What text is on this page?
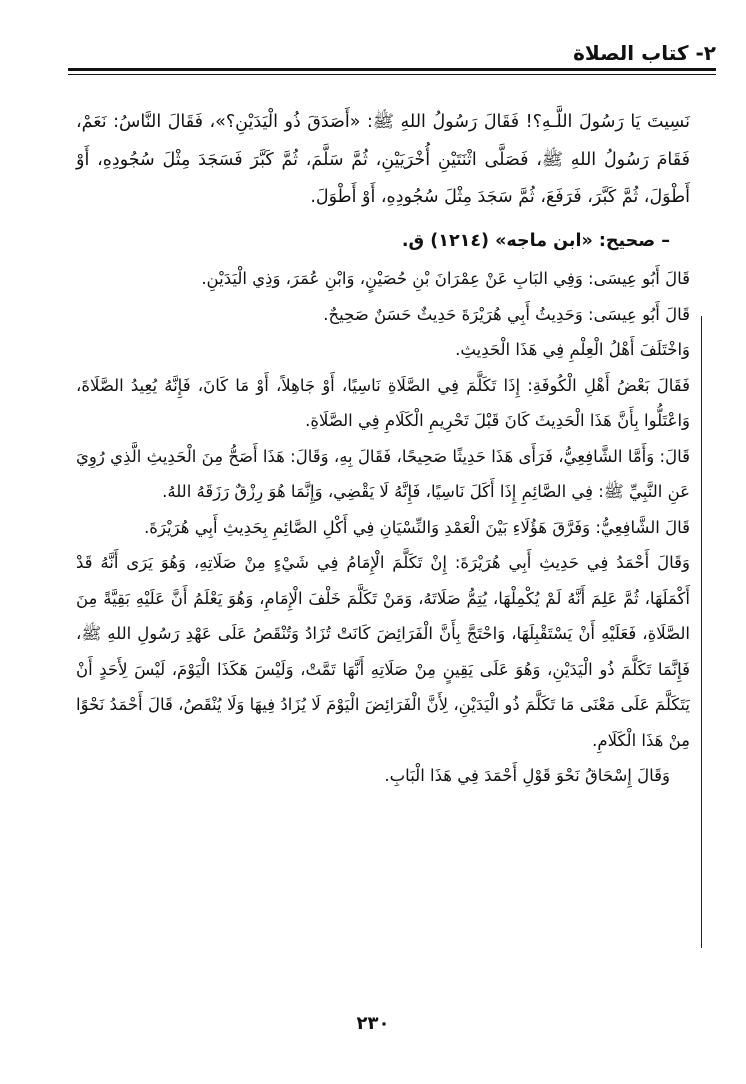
٢- كتاب الصلاة

نَسِيتَ يَا رَسُولَ اللَّـهِ؟! فَقَالَ رَسُولُ اللهِ ﷺ: «أَصَدَقَ ذُو الْيَدَيْنِ؟»، فَقَالَ النَّاسُ: نَعَمْ، فَقَامَ رَسُولُ اللهِ ﷺ، فَصَلَّى اثْنَتَيْنِ أُخْرَيَيْنِ، ثُمَّ سَلَّمَ، ثُمَّ كَبَّرَ فَسَجَدَ مِثْلَ سُجُودِهِ، أَوْ أَطْوَلَ، ثُمَّ كَبَّرَ، فَرَفَعَ، ثُمَّ سَجَدَ مِثْلَ سُجُودِهِ، أَوْ أَطْوَلَ.

– صحيح: «ابن ماجه» (١٢١٤) ق.

قَالَ أَبُو عِيسَى: وَفِي البَابِ عَنْ عِمْرَانَ بْنِ حُصَيْنٍ، وَابْنِ عُمَرَ، وَذِي الْيَدَيْنِ.

قَالَ أَبُو عِيسَى: وَحَدِيثُ أَبِي هُرَيْرَةَ حَدِيثٌ حَسَنٌ صَحِيحٌ.

وَاخْتَلَفَ أَهْلُ الْعِلْمِ فِي هَذَا الْحَدِيثِ.

فَقَالَ بَعْضُ أَهْلِ الْكُوفَةِ: إِذَا تَكَلَّمَ فِي الصَّلَاةِ نَاسِيًا، أَوْ جَاهِلاً، أَوْ مَا كَانَ، فَإِنَّهُ يُعِيدُ الصَّلَاةَ، وَاعْتَلُّوا بِأَنَّ هَذَا الْحَدِيثَ كَانَ قَبْلَ تَحْرِيمِ الْكَلَامِ فِي الصَّلَاةِ.

قَالَ: وَأَمَّا الشَّافِعِيُّ، فَرَأَى هَذَا حَدِيثًا صَحِيحًا، فَقَالَ بِهِ، وَقَالَ: هَذَا أَصَحُّ مِنَ الْحَدِيثِ الَّذِي رُوِيَ عَنِ النَّبِيِّ ﷺ: فِي الصَّائِمِ إِذَا أَكَلَ نَاسِيًا، فَإِنَّهُ لَا يَقْضِي، وَإِنَّمَا هُوَ رِزْقٌ رَزَقَهُ اللهُ.

قَالَ الشَّافِعِيُّ: وَفَرَّقَ هَؤُلَاءِ بَيْنَ الْعَمْدِ وَالنِّسْيَانِ فِي أَكْلِ الصَّائِمِ بِحَدِيثِ أَبِي هُرَيْرَةَ.

وَقَالَ أَحْمَدُ فِي حَدِيثِ أَبِي هُرَيْرَةَ: إِنْ تَكَلَّمَ الْإِمَامُ فِي شَيْءٍ مِنْ صَلَاتِهِ، وَهُوَ يَرَى أَنَّهُ قَدْ أَكْمَلَهَا، ثُمَّ عَلِمَ أَنَّهُ لَمْ يُكْمِلْهَا، يُتِمُّ صَلَاتَهُ، وَمَنْ تَكَلَّمَ خَلْفَ الْإِمَامِ، وَهُوَ يَعْلَمُ أَنَّ عَلَيْهِ بَقِيَّةً مِنَ الصَّلَاةِ، فَعَلَيْهِ أَنْ يَسْتَقْبِلَهَا، وَاحْتَجَّ بِأَنَّ الْفَرَائِضَ كَانَتْ تُزَادُ وَتُنْقَصُ عَلَى عَهْدِ رَسُولِ اللهِ ﷺ، فَإِنَّمَا تَكَلَّمَ ذُو الْيَدَيْنِ، وَهُوَ عَلَى يَقِينٍ مِنْ صَلَاتِهِ أَنَّهَا تَمَّتْ، وَلَيْسَ هَكَذَا الْيَوْمَ، لَيْسَ لِأَحَدٍ أَنْ يَتَكَلَّمَ عَلَى مَعْنَى مَا تَكَلَّمَ ذُو الْيَدَيْنِ، لِأَنَّ الْفَرَائِضَ الْيَوْمَ لَا يُزَادُ فِيهَا وَلَا يُنْقَصُ، قَالَ أَحْمَدُ نَحْوًا مِنْ هَذَا الْكَلَامِ.

وَقَالَ إِسْحَاقُ نَحْوَ قَوْلِ أَحْمَدَ فِي هَذَا الْبَابِ.

٢٣٠
